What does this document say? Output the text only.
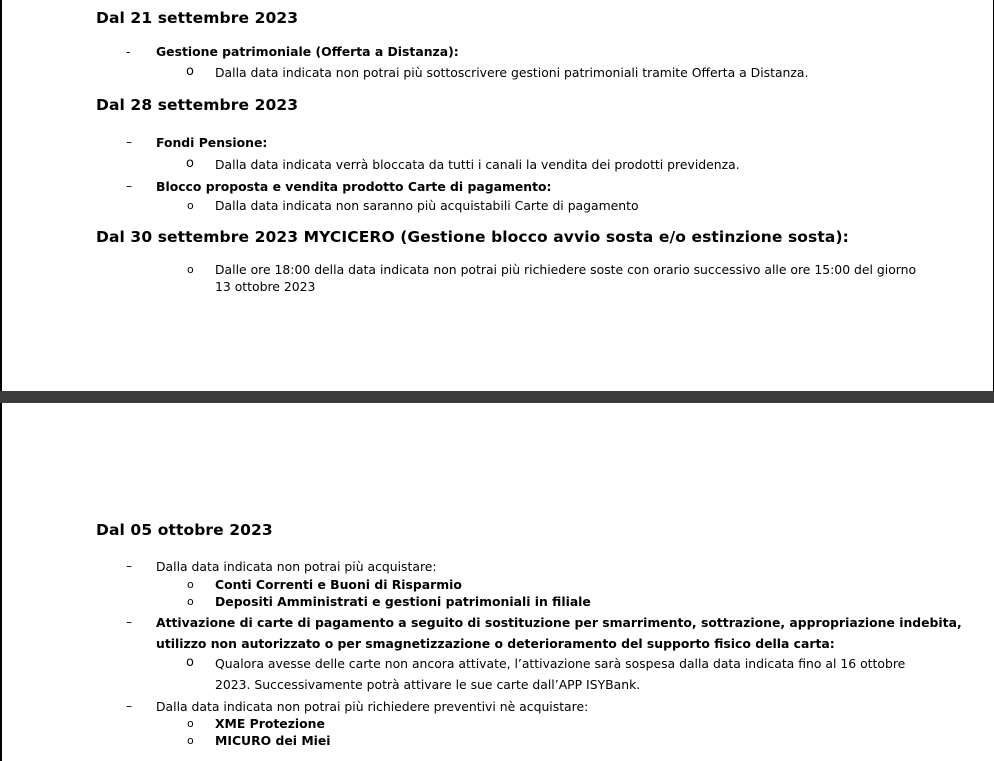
Dal 21 settembre 2023
- Gestione patrimoniale (Offerta a Distanza):
o Dalla data indicata non potrai più sottoscrivere gestioni patrimoniali tramite Offerta a Distanza.
Dal 28 settembre 2023
– Fondi Pensione:
o Dalla data indicata verrà bloccata da tutti i canali la vendita dei prodotti previdenza.
– Blocco proposta e vendita prodotto Carte di pagamento:
o Dalla data indicata non saranno più acquistabili Carte di pagamento
Dal 30 settembre 2023 MYCICERO (Gestione blocco avvio sosta e/o estinzione sosta):
o Dalle ore 18:00 della data indicata non potrai più richiedere soste con orario successivo alle ore 15:00 del giorno
13 ottobre 2023
Dal 05 ottobre 2023
– Dalla data indicata non potrai più acquistare:
o Conti Correnti e Buoni di Risparmio
o Depositi Amministrati e gestioni patrimoniali in filiale
– Attivazione di carte di pagamento a seguito di sostituzione per smarrimento, sottrazione, appropriazione indebita,
utilizzo non autorizzato o per smagnetizzazione o deterioramento del supporto fisico della carta:
o Qualora avesse delle carte non ancora attivate, l’attivazione sarà sospesa dalla data indicata fino al 16 ottobre
2023. Successivamente potrà attivare le sue carte dall’APP ISYBank.
– Dalla data indicata non potrai più richiedere preventivi nè acquistare:
o XME Protezione
o MICURO dei Miei
